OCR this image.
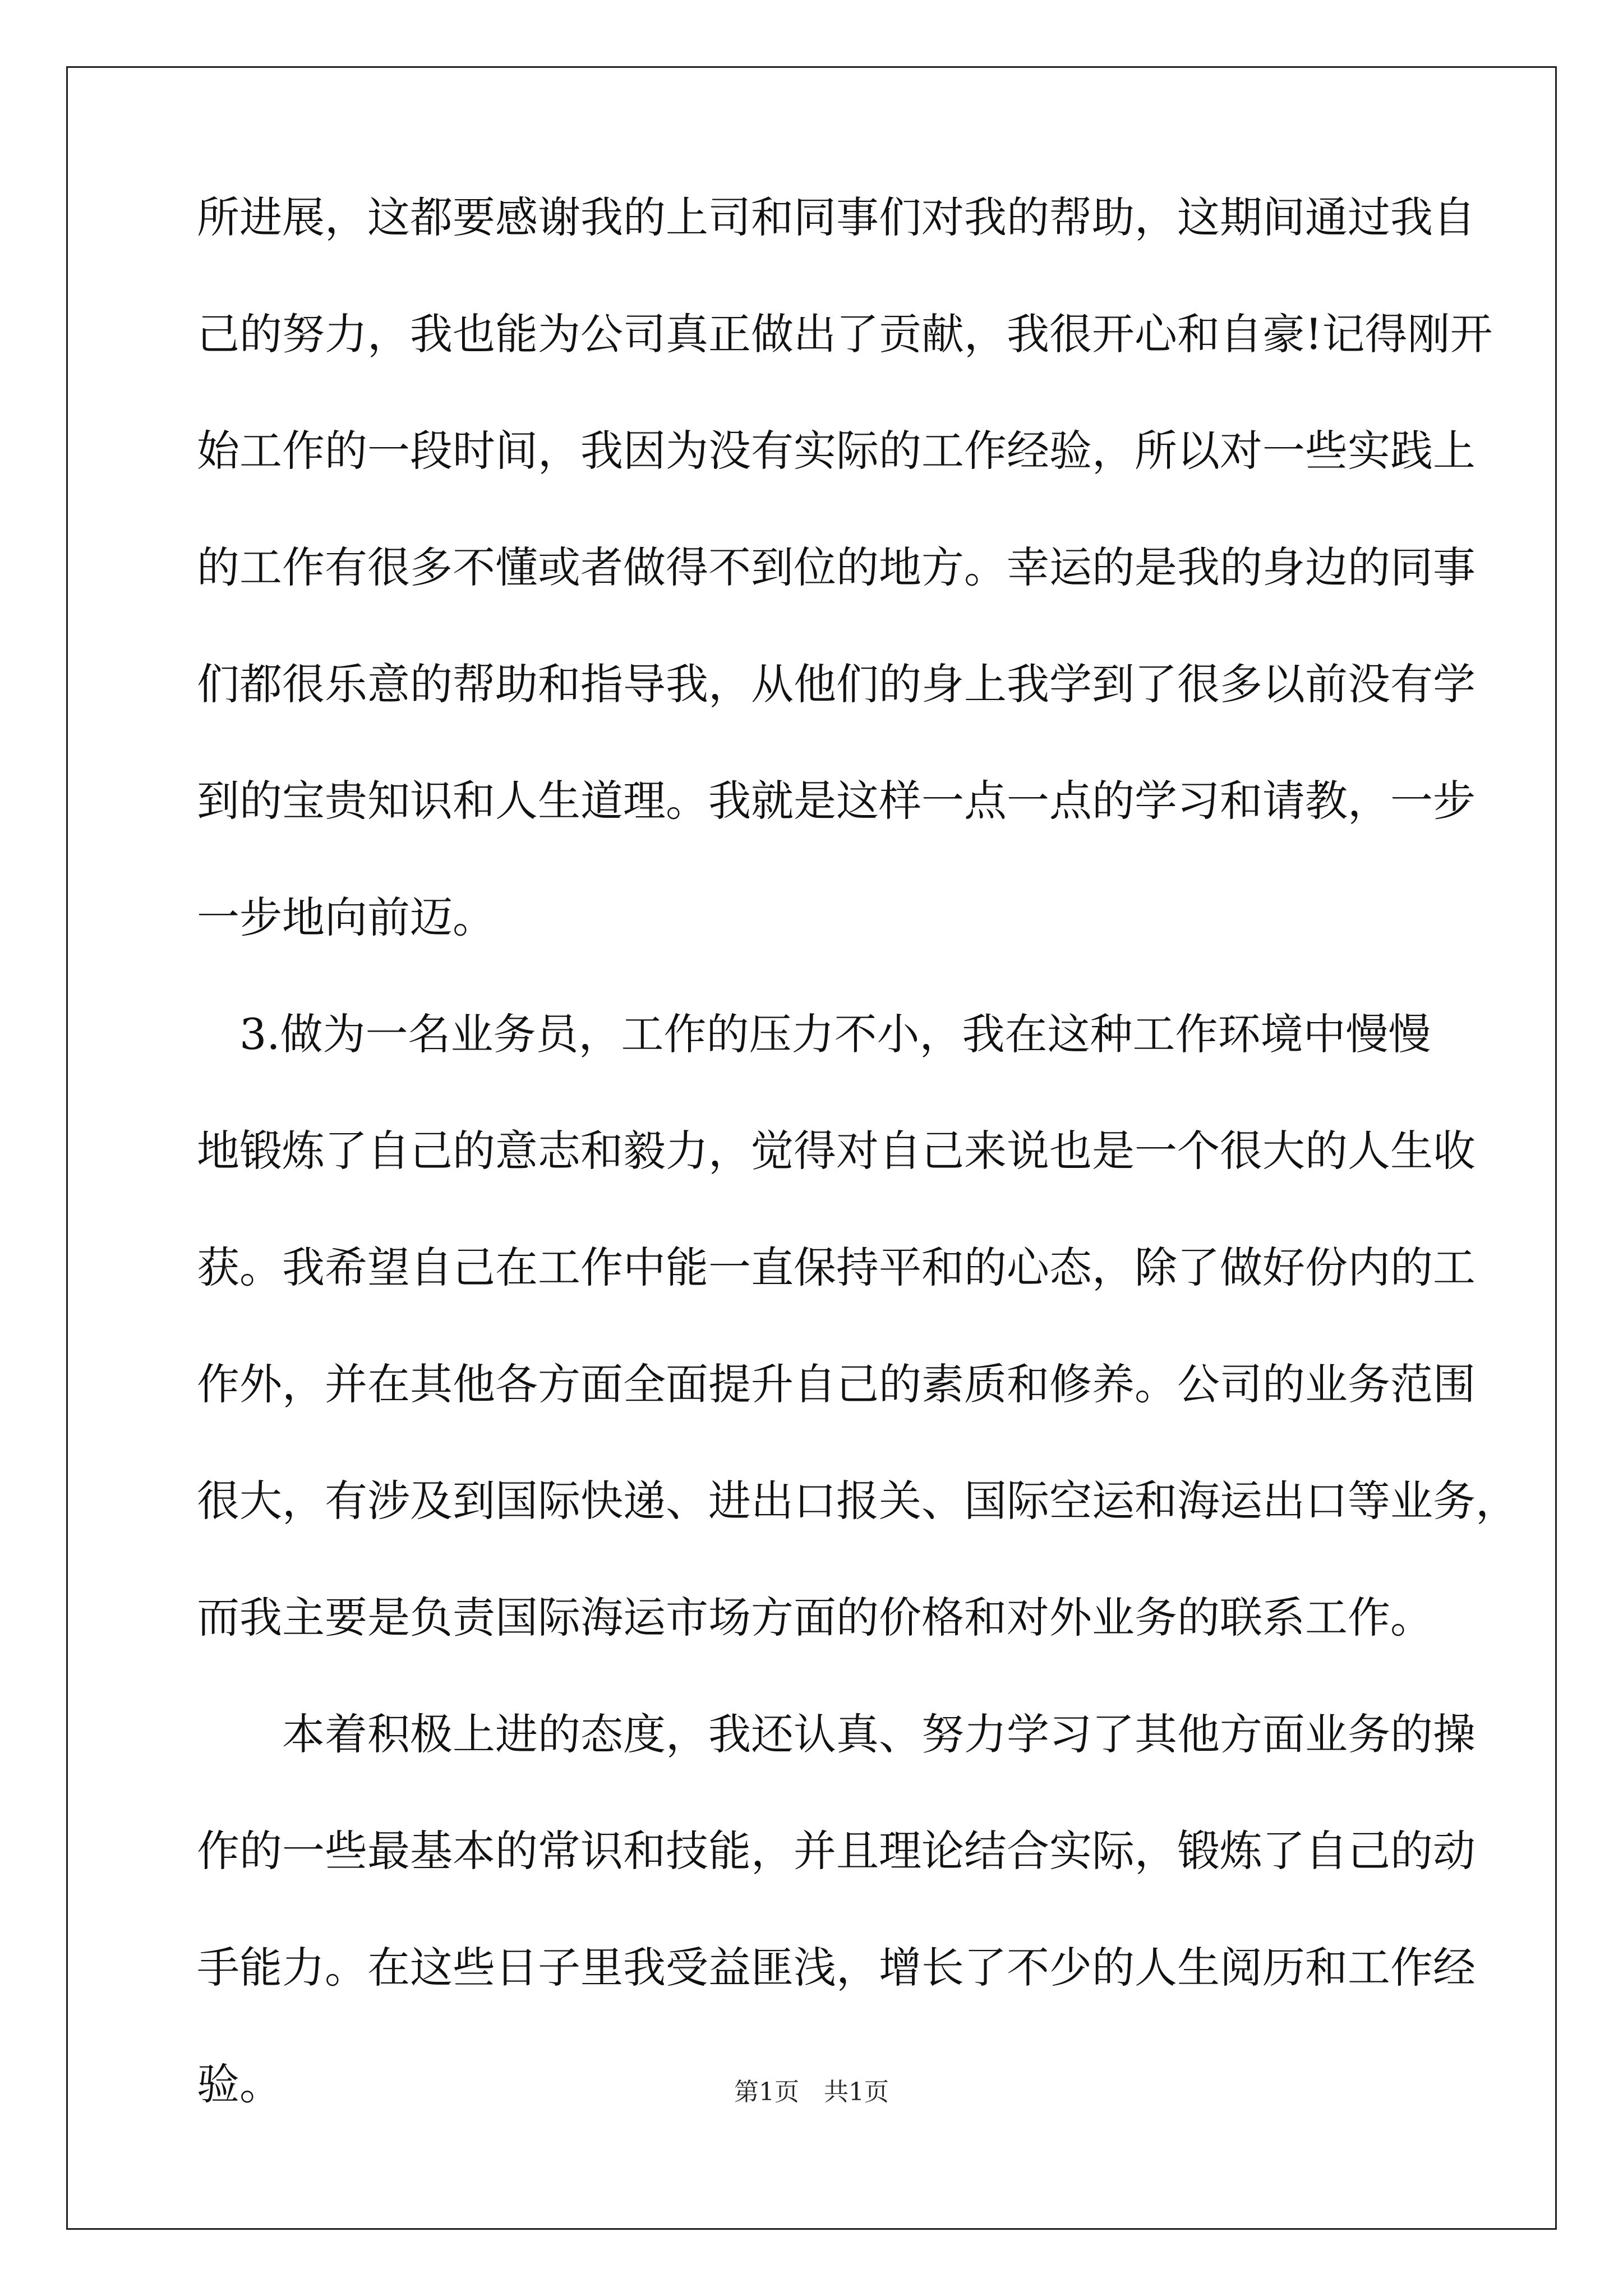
所进展，这都要感谢我的上司和同事们对我的帮助，这期间通过我自
己的努力，我也能为公司真正做出了贡献，我很开心和自豪!记得刚开
始工作的一段时间，我因为没有实际的工作经验，所以对一些实践上
的工作有很多不懂或者做得不到位的地方。幸运的是我的身边的同事
们都很乐意的帮助和指导我，从他们的身上我学到了很多以前没有学
到的宝贵知识和人生道理。我就是这样一点一点的学习和请教，一步
一步地向前迈。
　3.做为一名业务员，工作的压力不小，我在这种工作环境中慢慢
地锻炼了自己的意志和毅力，觉得对自己来说也是一个很大的人生收
获。我希望自己在工作中能一直保持平和的心态，除了做好份内的工
作外，并在其他各方面全面提升自己的素质和修养。公司的业务范围
很大，有涉及到国际快递、进出口报关、国际空运和海运出口等业务，
而我主要是负责国际海运市场方面的价格和对外业务的联系工作。
　　本着积极上进的态度，我还认真、努力学习了其他方面业务的操
作的一些最基本的常识和技能，并且理论结合实际，锻炼了自己的动
手能力。在这些日子里我受益匪浅，增长了不少的人生阅历和工作经
验。	第1页　共1页
